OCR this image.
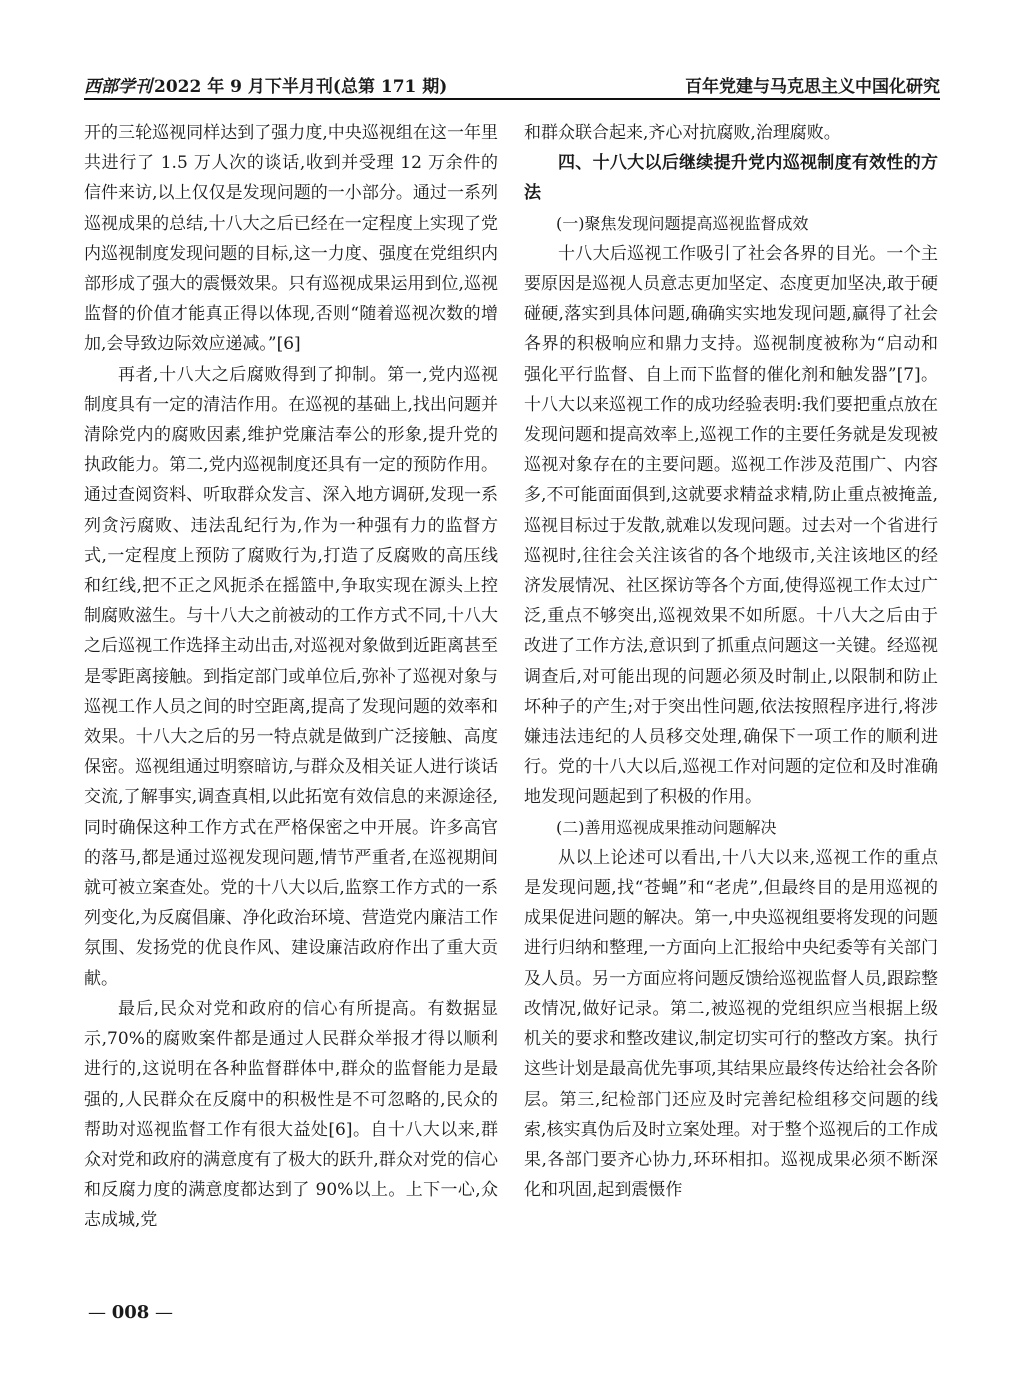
西部学刊 2022 年 9 月下半月刊(总第 171 期)	百年党建与马克思主义中国化研究

开的三轮巡视同样达到了强力度,中央巡视组在这一年里共进行了 1.5 万人次的谈话,收到并受理 12 万余件的信件来访,以上仅仅是发现问题的一小部分。通过一系列巡视成果的总结,十八大之后已经在一定程度上实现了党内巡视制度发现问题的目标,这一力度、强度在党组织内部形成了强大的震慑效果。只有巡视成果运用到位,巡视监督的价值才能真正得以体现,否则“随着巡视次数的增加,会导致边际效应递减。”[6]

再者,十八大之后腐败得到了抑制。第一,党内巡视制度具有一定的清洁作用。在巡视的基础上,找出问题并清除党内的腐败因素,维护党廉洁奉公的形象,提升党的执政能力。第二,党内巡视制度还具有一定的预防作用。通过查阅资料、听取群众发言、深入地方调研,发现一系列贪污腐败、违法乱纪行为,作为一种强有力的监督方式,一定程度上预防了腐败行为,打造了反腐败的高压线和红线,把不正之风扼杀在摇篮中,争取实现在源头上控制腐败滋生。与十八大之前被动的工作方式不同,十八大之后巡视工作选择主动出击,对巡视对象做到近距离甚至是零距离接触。到指定部门或单位后,弥补了巡视对象与巡视工作人员之间的时空距离,提高了发现问题的效率和效果。十八大之后的另一特点就是做到广泛接触、高度保密。巡视组通过明察暗访,与群众及相关证人进行谈话交流,了解事实,调查真相,以此拓宽有效信息的来源途径,同时确保这种工作方式在严格保密之中开展。许多高官的落马,都是通过巡视发现问题,情节严重者,在巡视期间就可被立案查处。党的十八大以后,监察工作方式的一系列变化,为反腐倡廉、净化政治环境、营造党内廉洁工作氛围、发扬党的优良作风、建设廉洁政府作出了重大贡献。

最后,民众对党和政府的信心有所提高。有数据显示,70%的腐败案件都是通过人民群众举报才得以顺利进行的,这说明在各种监督群体中,群众的监督能力是最强的,人民群众在反腐中的积极性是不可忽略的,民众的帮助对巡视监督工作有很大益处[6]。自十八大以来,群众对党和政府的满意度有了极大的跃升,群众对党的信心和反腐力度的满意度都达到了 90%以上。上下一心,众志成城,党

和群众联合起来,齐心对抗腐败,治理腐败。

四、十八大以后继续提升党内巡视制度有效性的方法
(一)聚焦发现问题提高巡视监督成效

十八大后巡视工作吸引了社会各界的目光。一个主要原因是巡视人员意志更加坚定、态度更加坚决,敢于硬碰硬,落实到具体问题,确确实实地发现问题,赢得了社会各界的积极响应和鼎力支持。巡视制度被称为“启动和强化平行监督、自上而下监督的催化剂和触发器”[7]。十八大以来巡视工作的成功经验表明:我们要把重点放在发现问题和提高效率上,巡视工作的主要任务就是发现被巡视对象存在的主要问题。巡视工作涉及范围广、内容多,不可能面面俱到,这就要求精益求精,防止重点被掩盖,巡视目标过于发散,就难以发现问题。过去对一个省进行巡视时,往往会关注该省的各个地级市,关注该地区的经济发展情况、社区探访等各个方面,使得巡视工作太过广泛,重点不够突出,巡视效果不如所愿。十八大之后由于改进了工作方法,意识到了抓重点问题这一关键。经巡视调查后,对可能出现的问题必须及时制止,以限制和防止坏种子的产生;对于突出性问题,依法按照程序进行,将涉嫌违法违纪的人员移交处理,确保下一项工作的顺利进行。党的十八大以后,巡视工作对问题的定位和及时准确地发现问题起到了积极的作用。

(二)善用巡视成果推动问题解决

从以上论述可以看出,十八大以来,巡视工作的重点是发现问题,找“苍蝇”和“老虎”,但最终目的是用巡视的成果促进问题的解决。第一,中央巡视组要将发现的问题进行归纳和整理,一方面向上汇报给中央纪委等有关部门及人员。另一方面应将问题反馈给巡视监督人员,跟踪整改情况,做好记录。第二,被巡视的党组织应当根据上级机关的要求和整改建议,制定切实可行的整改方案。执行这些计划是最高优先事项,其结果应最终传达给社会各阶层。第三,纪检部门还应及时完善纪检组移交问题的线索,核实真伪后及时立案处理。对于整个巡视后的工作成果,各部门要齐心协力,环环相扣。巡视成果必须不断深化和巩固,起到震慑作

— 008 —
